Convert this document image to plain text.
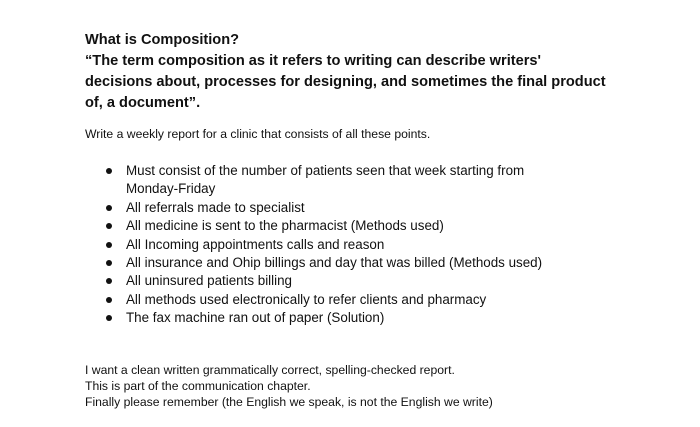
What is Composition?
“The term composition as it refers to writing can describe writers'
decisions about, processes for designing, and sometimes the final product
of, a document”.

Write a weekly report for a clinic that consists of all these points.

Must consist of the number of patients seen that week starting from
Monday-Friday
All referrals made to specialist
All medicine is sent to the pharmacist (Methods used)
All Incoming appointments calls and reason
All insurance and Ohip billings and day that was billed (Methods used)
All uninsured patients billing
All methods used electronically to refer clients and pharmacy
The fax machine ran out of paper (Solution)

I want a clean written grammatically correct, spelling-checked report.

This is part of the communication chapter.

Finally please remember (the English we speak, is not the English we write)
